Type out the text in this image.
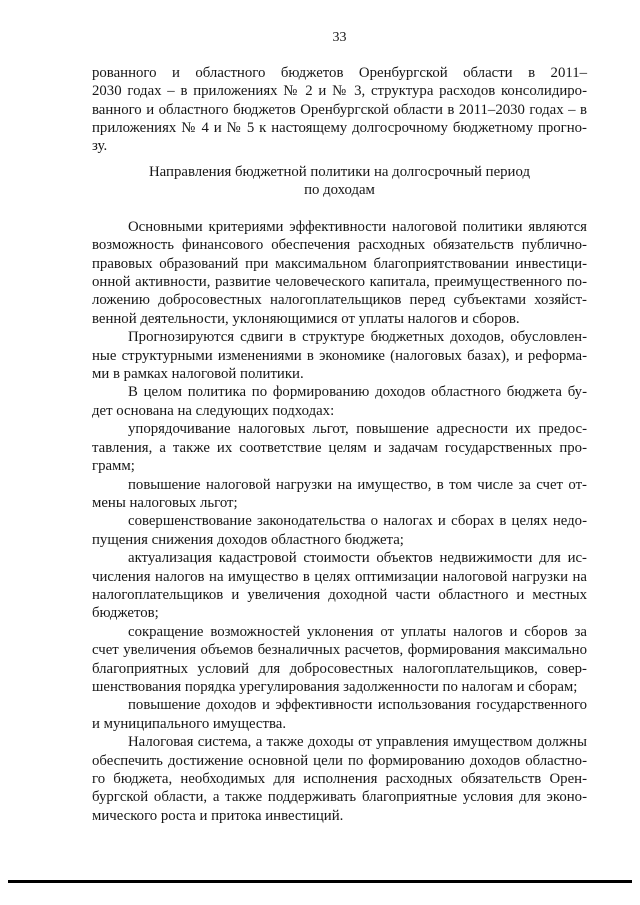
33
рованного и областного бюджетов Оренбургской области в 2011–
2030 годах – в приложениях № 2 и № 3, структура расходов консолидиро-
ванного и областного бюджетов Оренбургской области в 2011–2030 годах – в
приложениях № 4 и № 5 к настоящему долгосрочному бюджетному прогно-
зу.
Направления бюджетной политики на долгосрочный период
по доходам
Основными критериями эффективности налоговой политики являются
возможность финансового обеспечения расходных обязательств публично-
правовых образований при максимальном благоприятствовании инвестици-
онной активности, развитие человеческого капитала, преимущественного по-
ложению добросовестных налогоплательщиков перед субъектами хозяйст-
венной деятельности, уклоняющимися от уплаты налогов и сборов.
Прогнозируются сдвиги в структуре бюджетных доходов, обусловлен-
ные структурными изменениями в экономике (налоговых базах), и реформа-
ми в рамках налоговой политики.
В целом политика по формированию доходов областного бюджета бу-
дет основана на следующих подходах:
упорядочивание налоговых льгот, повышение адресности их предос-
тавления, а также их соответствие целям и задачам государственных про-
грамм;
повышение налоговой нагрузки на имущество, в том числе за счет от-
мены налоговых льгот;
совершенствование законодательства о налогах и сборах в целях недо-
пущения снижения доходов областного бюджета;
актуализация кадастровой стоимости объектов недвижимости для ис-
числения налогов на имущество в целях оптимизации налоговой нагрузки на
налогоплательщиков и увеличения доходной части областного и местных
бюджетов;
сокращение возможностей уклонения от уплаты налогов и сборов за
счет увеличения объемов безналичных расчетов, формирования максимально
благоприятных условий для добросовестных налогоплательщиков, совер-
шенствования порядка урегулирования задолженности по налогам и сборам;
повышение доходов и эффективности использования государственного
и муниципального имущества.
Налоговая система, а также доходы от управления имуществом должны
обеспечить достижение основной цели по формированию доходов областно-
го бюджета, необходимых для исполнения расходных обязательств Орен-
бургской области, а также поддерживать благоприятные условия для эконо-
мического роста и притока инвестиций.
